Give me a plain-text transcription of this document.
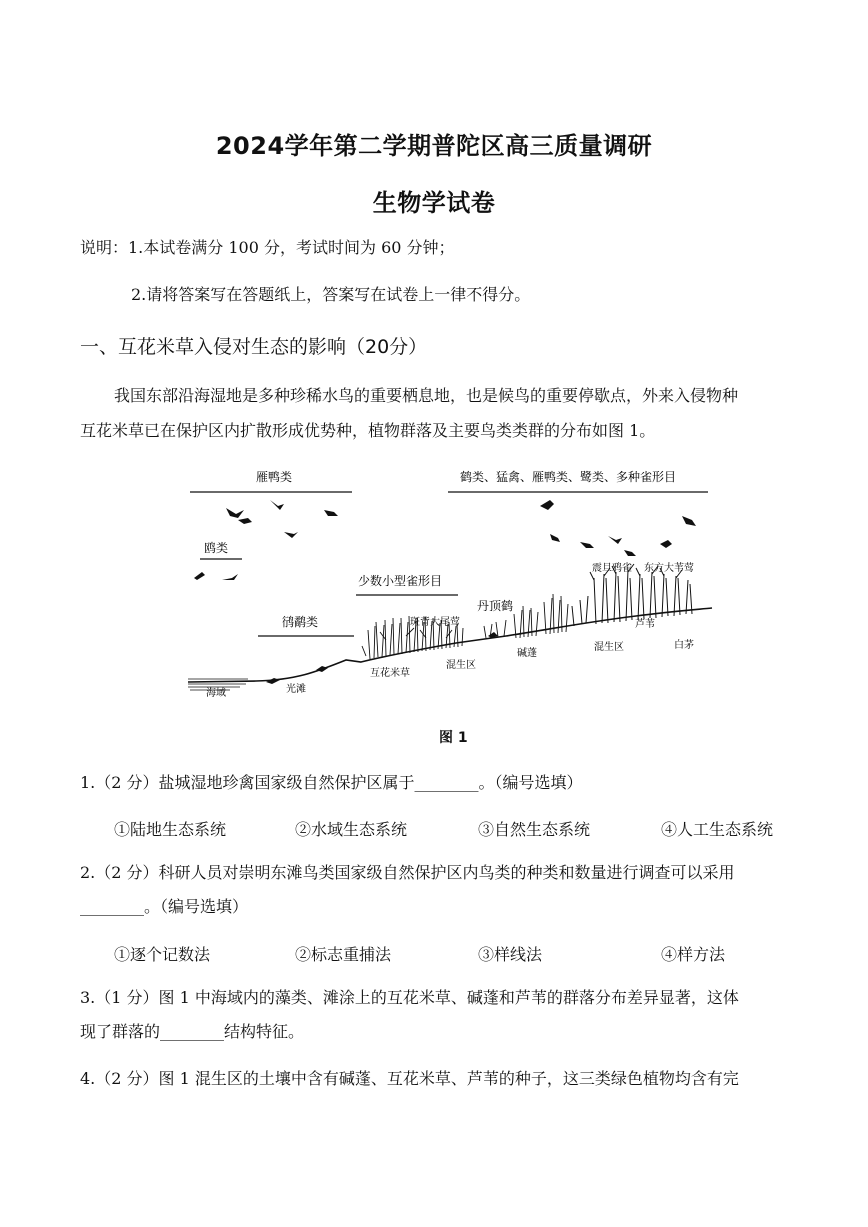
2024学年第二学期普陀区高三质量调研
生物学试卷
说明：1.本试卷满分 100 分，考试时间为 60 分钟；
2.请将答案写在答题纸上，答案写在试卷上一律不得分。
一、互花米草入侵对生态的影响（20分）
我国东部沿海湿地是多种珍稀水鸟的重要栖息地，也是候鸟的重要停歇点，外来入侵物种
互花米草已在保护区内扩散形成优势种，植物群落及主要鸟类类群的分布如图 1。
雁鸭类
鸥类
鸻鹬类
少数小型雀形目
斑背大尾莺
丹顶鹤
鹤类、猛禽、雁鸭类、鹭类、多种雀形目
震旦鸦雀 东方大苇莺
芦苇
白茅
海域	光滩
互花米草
混生区
碱蓬
混生区
图 1
1.（2 分）盐城湿地珍禽国家级自然保护区属于________。（编号选填）
①陆地生态系统	②水域生态系统	③自然生态系统	④人工生态系统
2.（2 分）科研人员对崇明东滩鸟类国家级自然保护区内鸟类的种类和数量进行调查可以采用
________。（编号选填）
①逐个记数法	②标志重捕法	③样线法	④样方法
3.（1 分）图 1 中海域内的藻类、滩涂上的互花米草、碱蓬和芦苇的群落分布差异显著，这体
现了群落的________结构特征。
4.（2 分）图 1 混生区的土壤中含有碱蓬、互花米草、芦苇的种子，这三类绿色植物均含有完
